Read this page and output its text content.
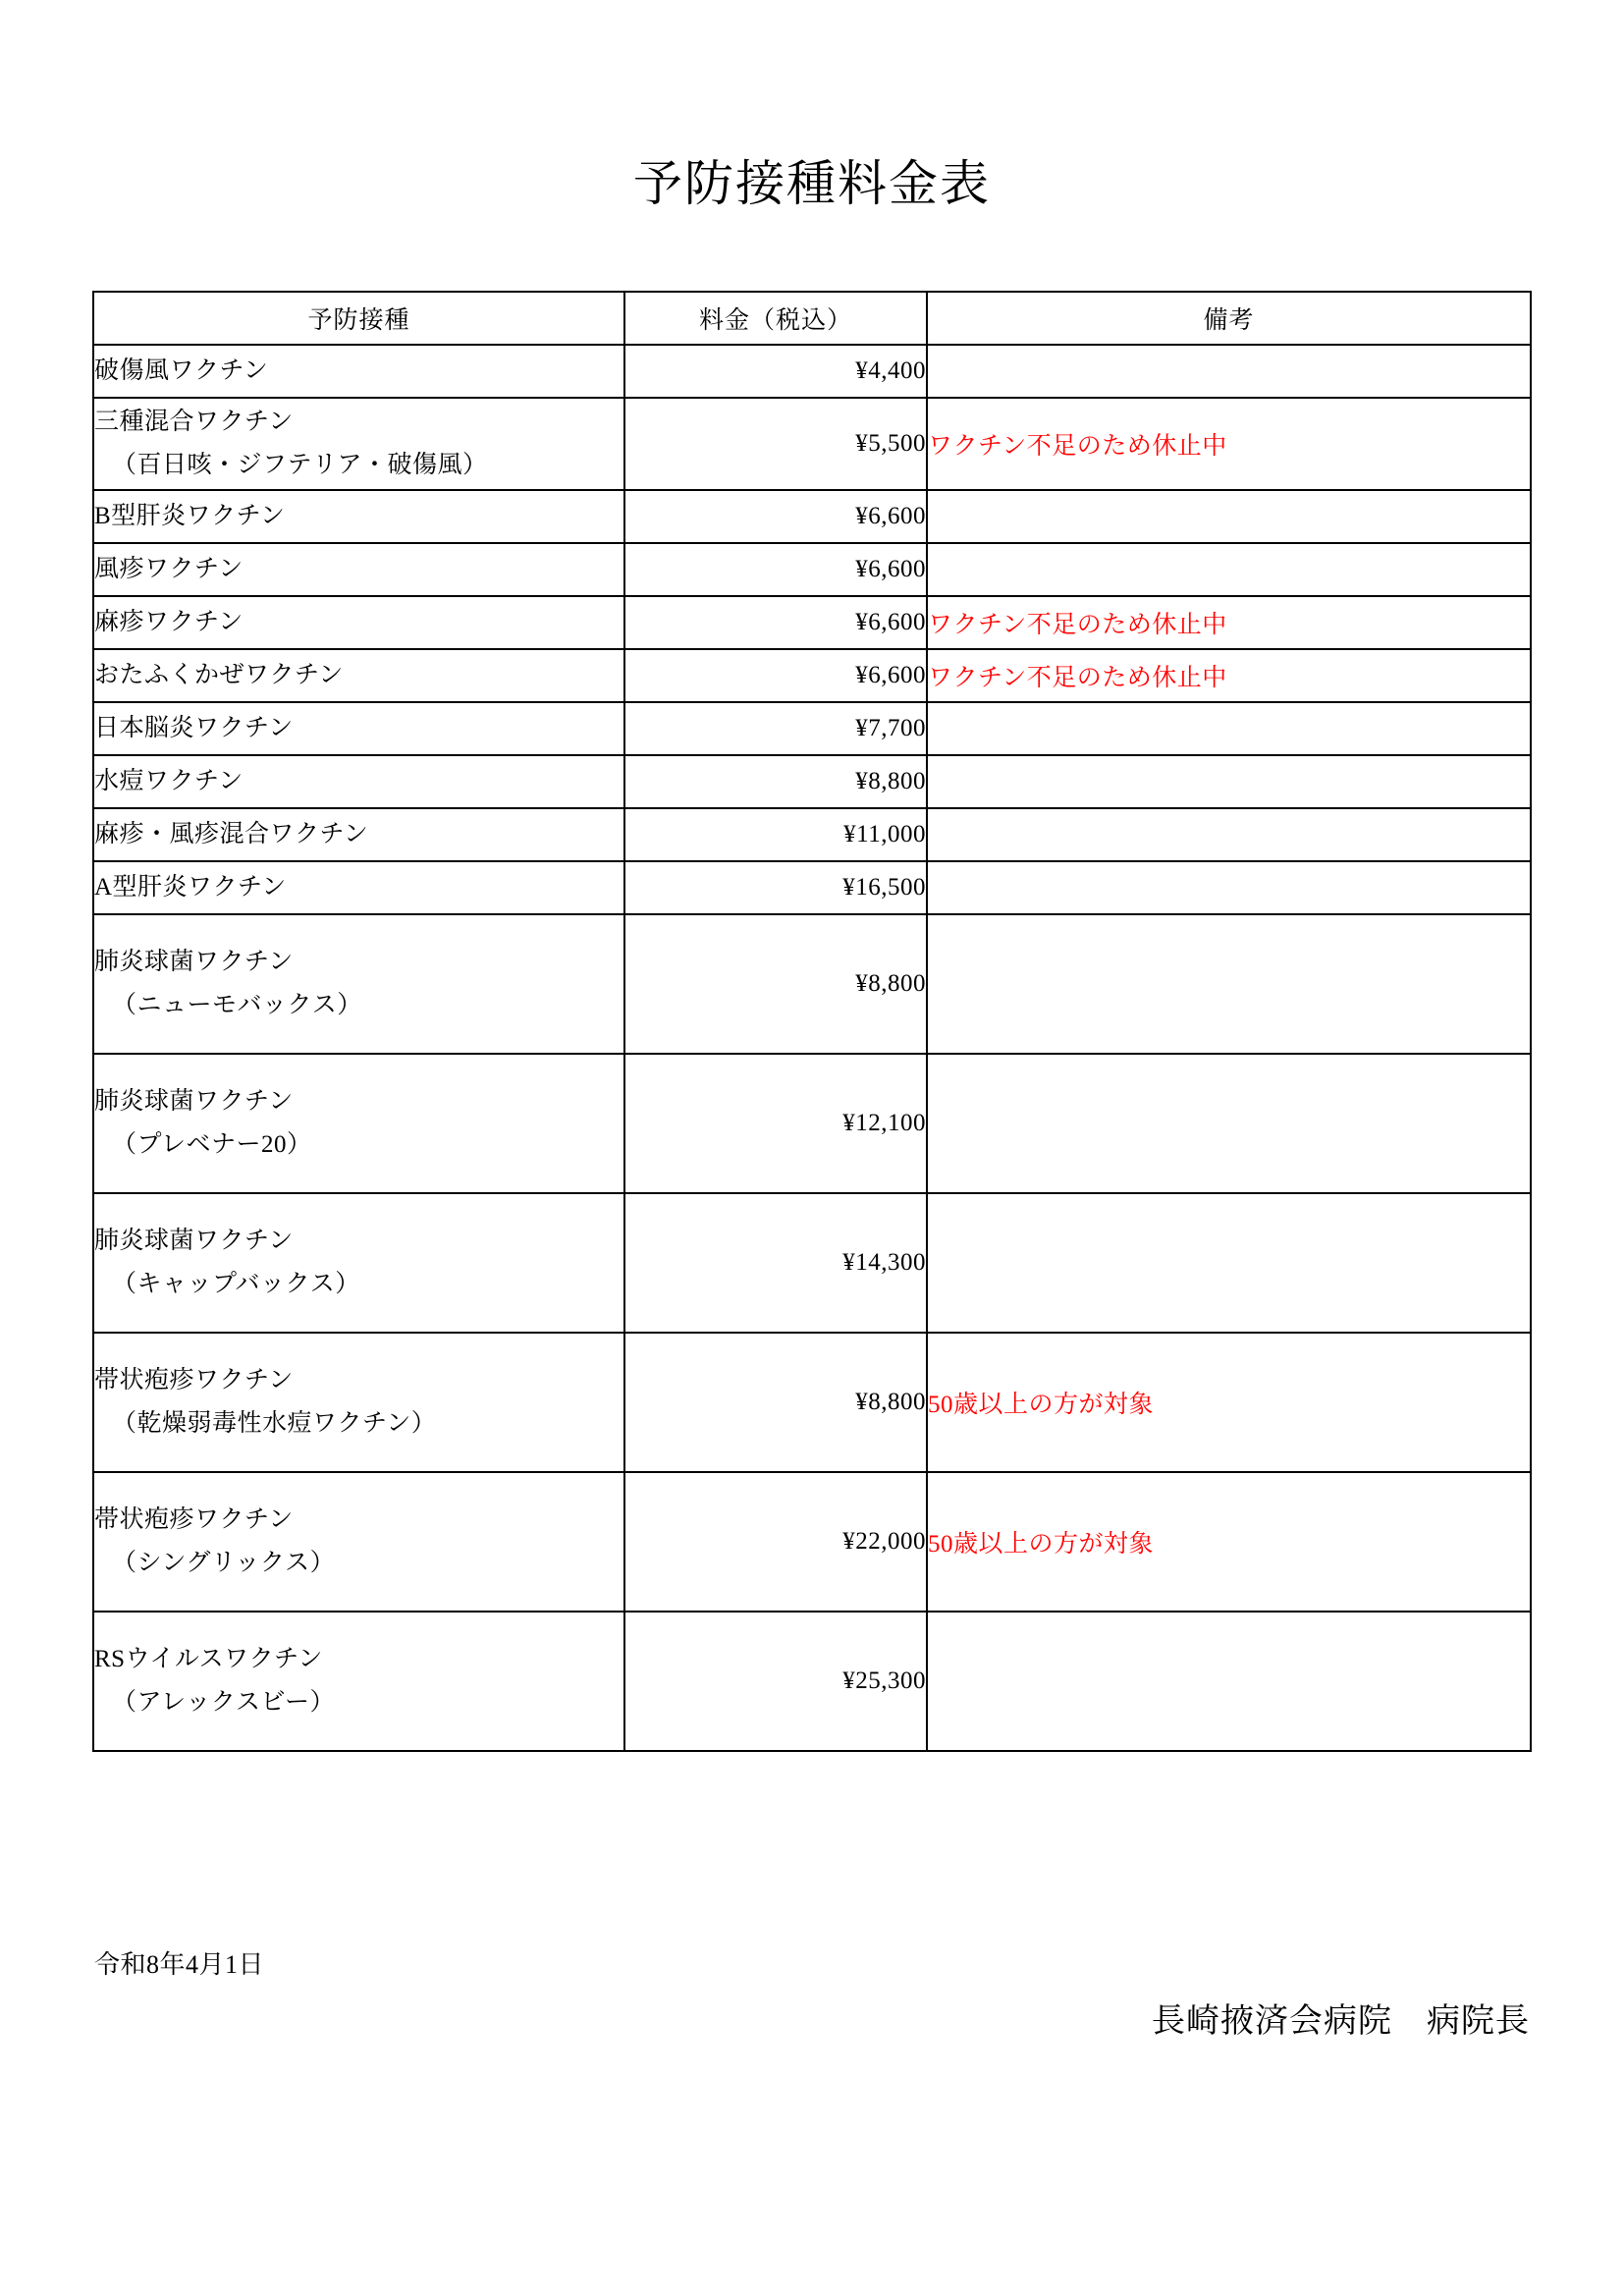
予防接種料金表
予防接種	料金（税込）	備考
破傷風ワクチン	¥4,400	
三種混合ワクチン
（百日咳・ジフテリア・破傷風）	¥5,500	ワクチン不足のため休止中
B型肝炎ワクチン	¥6,600	
風疹ワクチン	¥6,600	
麻疹ワクチン	¥6,600	ワクチン不足のため休止中
おたふくかぜワクチン	¥6,600	ワクチン不足のため休止中
日本脳炎ワクチン	¥7,700	
水痘ワクチン	¥8,800	
麻疹・風疹混合ワクチン	¥11,000	
A型肝炎ワクチン	¥16,500	
肺炎球菌ワクチン
（ニューモバックス）	¥8,800	
肺炎球菌ワクチン
（プレベナー20）	¥12,100	
肺炎球菌ワクチン
（キャップバックス）	¥14,300	
帯状疱疹ワクチン
（乾燥弱毒性水痘ワクチン）	¥8,800	50歳以上の方が対象
帯状疱疹ワクチン
（シングリックス）	¥22,000	50歳以上の方が対象
RSウイルスワクチン
（アレックスビー）	¥25,300	
令和8年4月1日
長崎掖済会病院　病院長
